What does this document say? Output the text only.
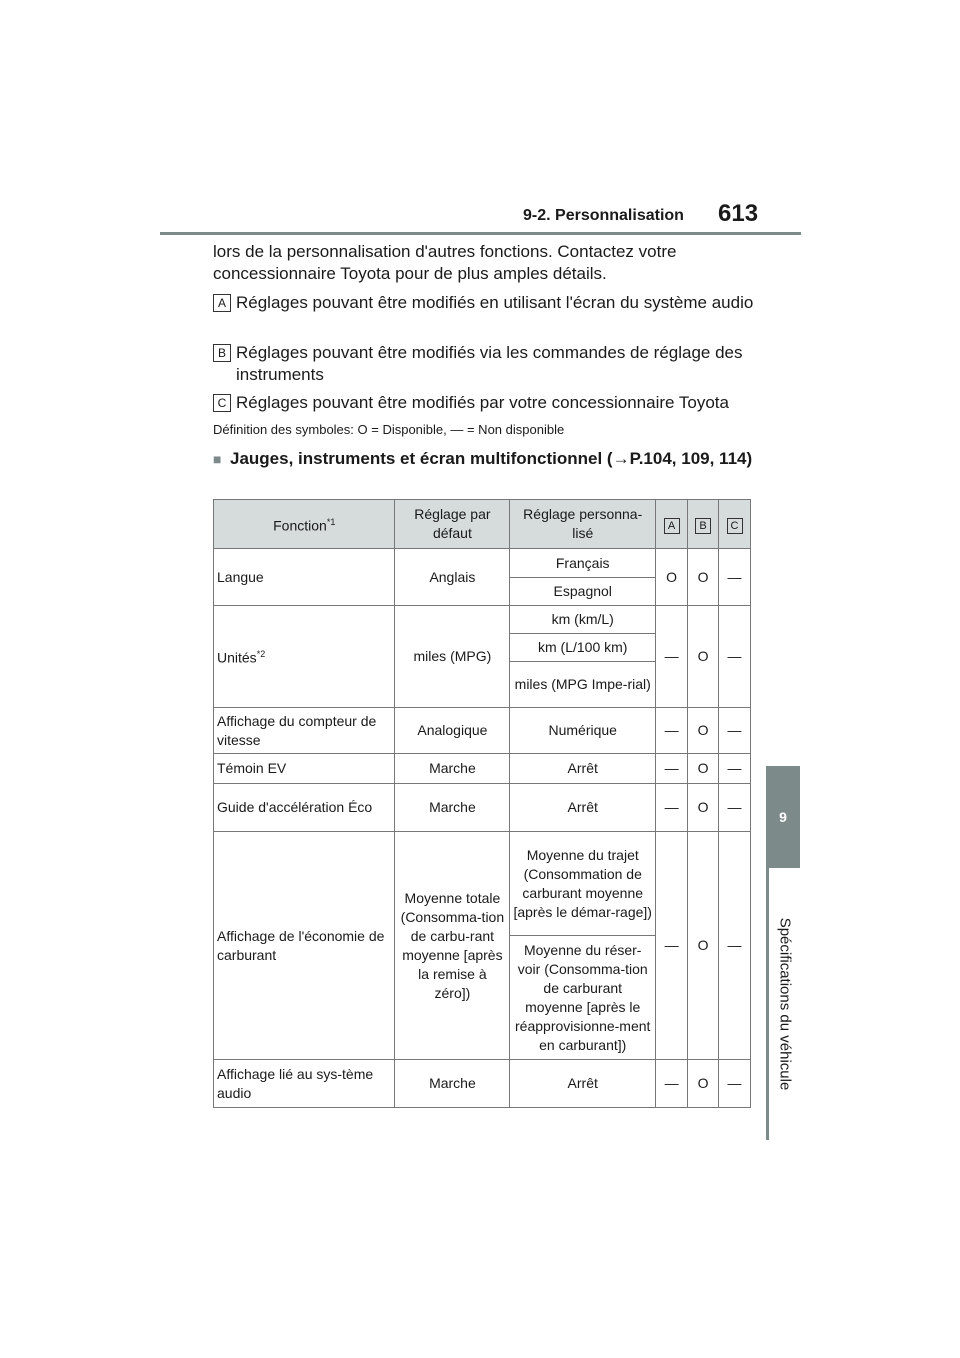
9-2. Personnalisation 613
9
Spécifications du véhicule
lors de la personnalisation d'autres fonctions. Contactez votre
concessionnaire Toyota pour de plus amples détails.
A Réglages pouvant être modifiés en utilisant l'écran du système audio
B Réglages pouvant être modifiés via les commandes de réglage des instruments
C Réglages pouvant être modifiés par votre concessionnaire Toyota
Définition des symboles: O = Disponible, — = Non disponible
■ Jauges, instruments et écran multifonctionnel (→P.104, 109, 114)
Fonction$^{*1}$	Réglage par défaut	Réglage personna-lisé	A	B	C
Langue	Anglais	Français	O	O	—
		Espagnol			
Unités$^{*2}$	miles (MPG)	km (km/L)	—	O	—
		km (L/100 km)			
		miles (MPG Impe-rial)			
Affichage du compteur de vitesse	Analogique	Numérique	—	O	—
Témoin EV	Marche	Arrêt	—	O	—
Guide d'accélération Éco	Marche	Arrêt	—	O	—
Affichage de l'économie de carburant	Moyenne totale (Consomma-tion de carbu-rant moyenne [après la remise à zéro])	Moyenne du trajet (Consommation de carburant moyenne [après le démar-rage])	—	O	—
		Moyenne du réser-voir (Consomma-tion de carburant moyenne [après le réapprovisionne-ment en carburant])			
Affichage lié au sys-tème audio	Marche	Arrêt	—	O	—
